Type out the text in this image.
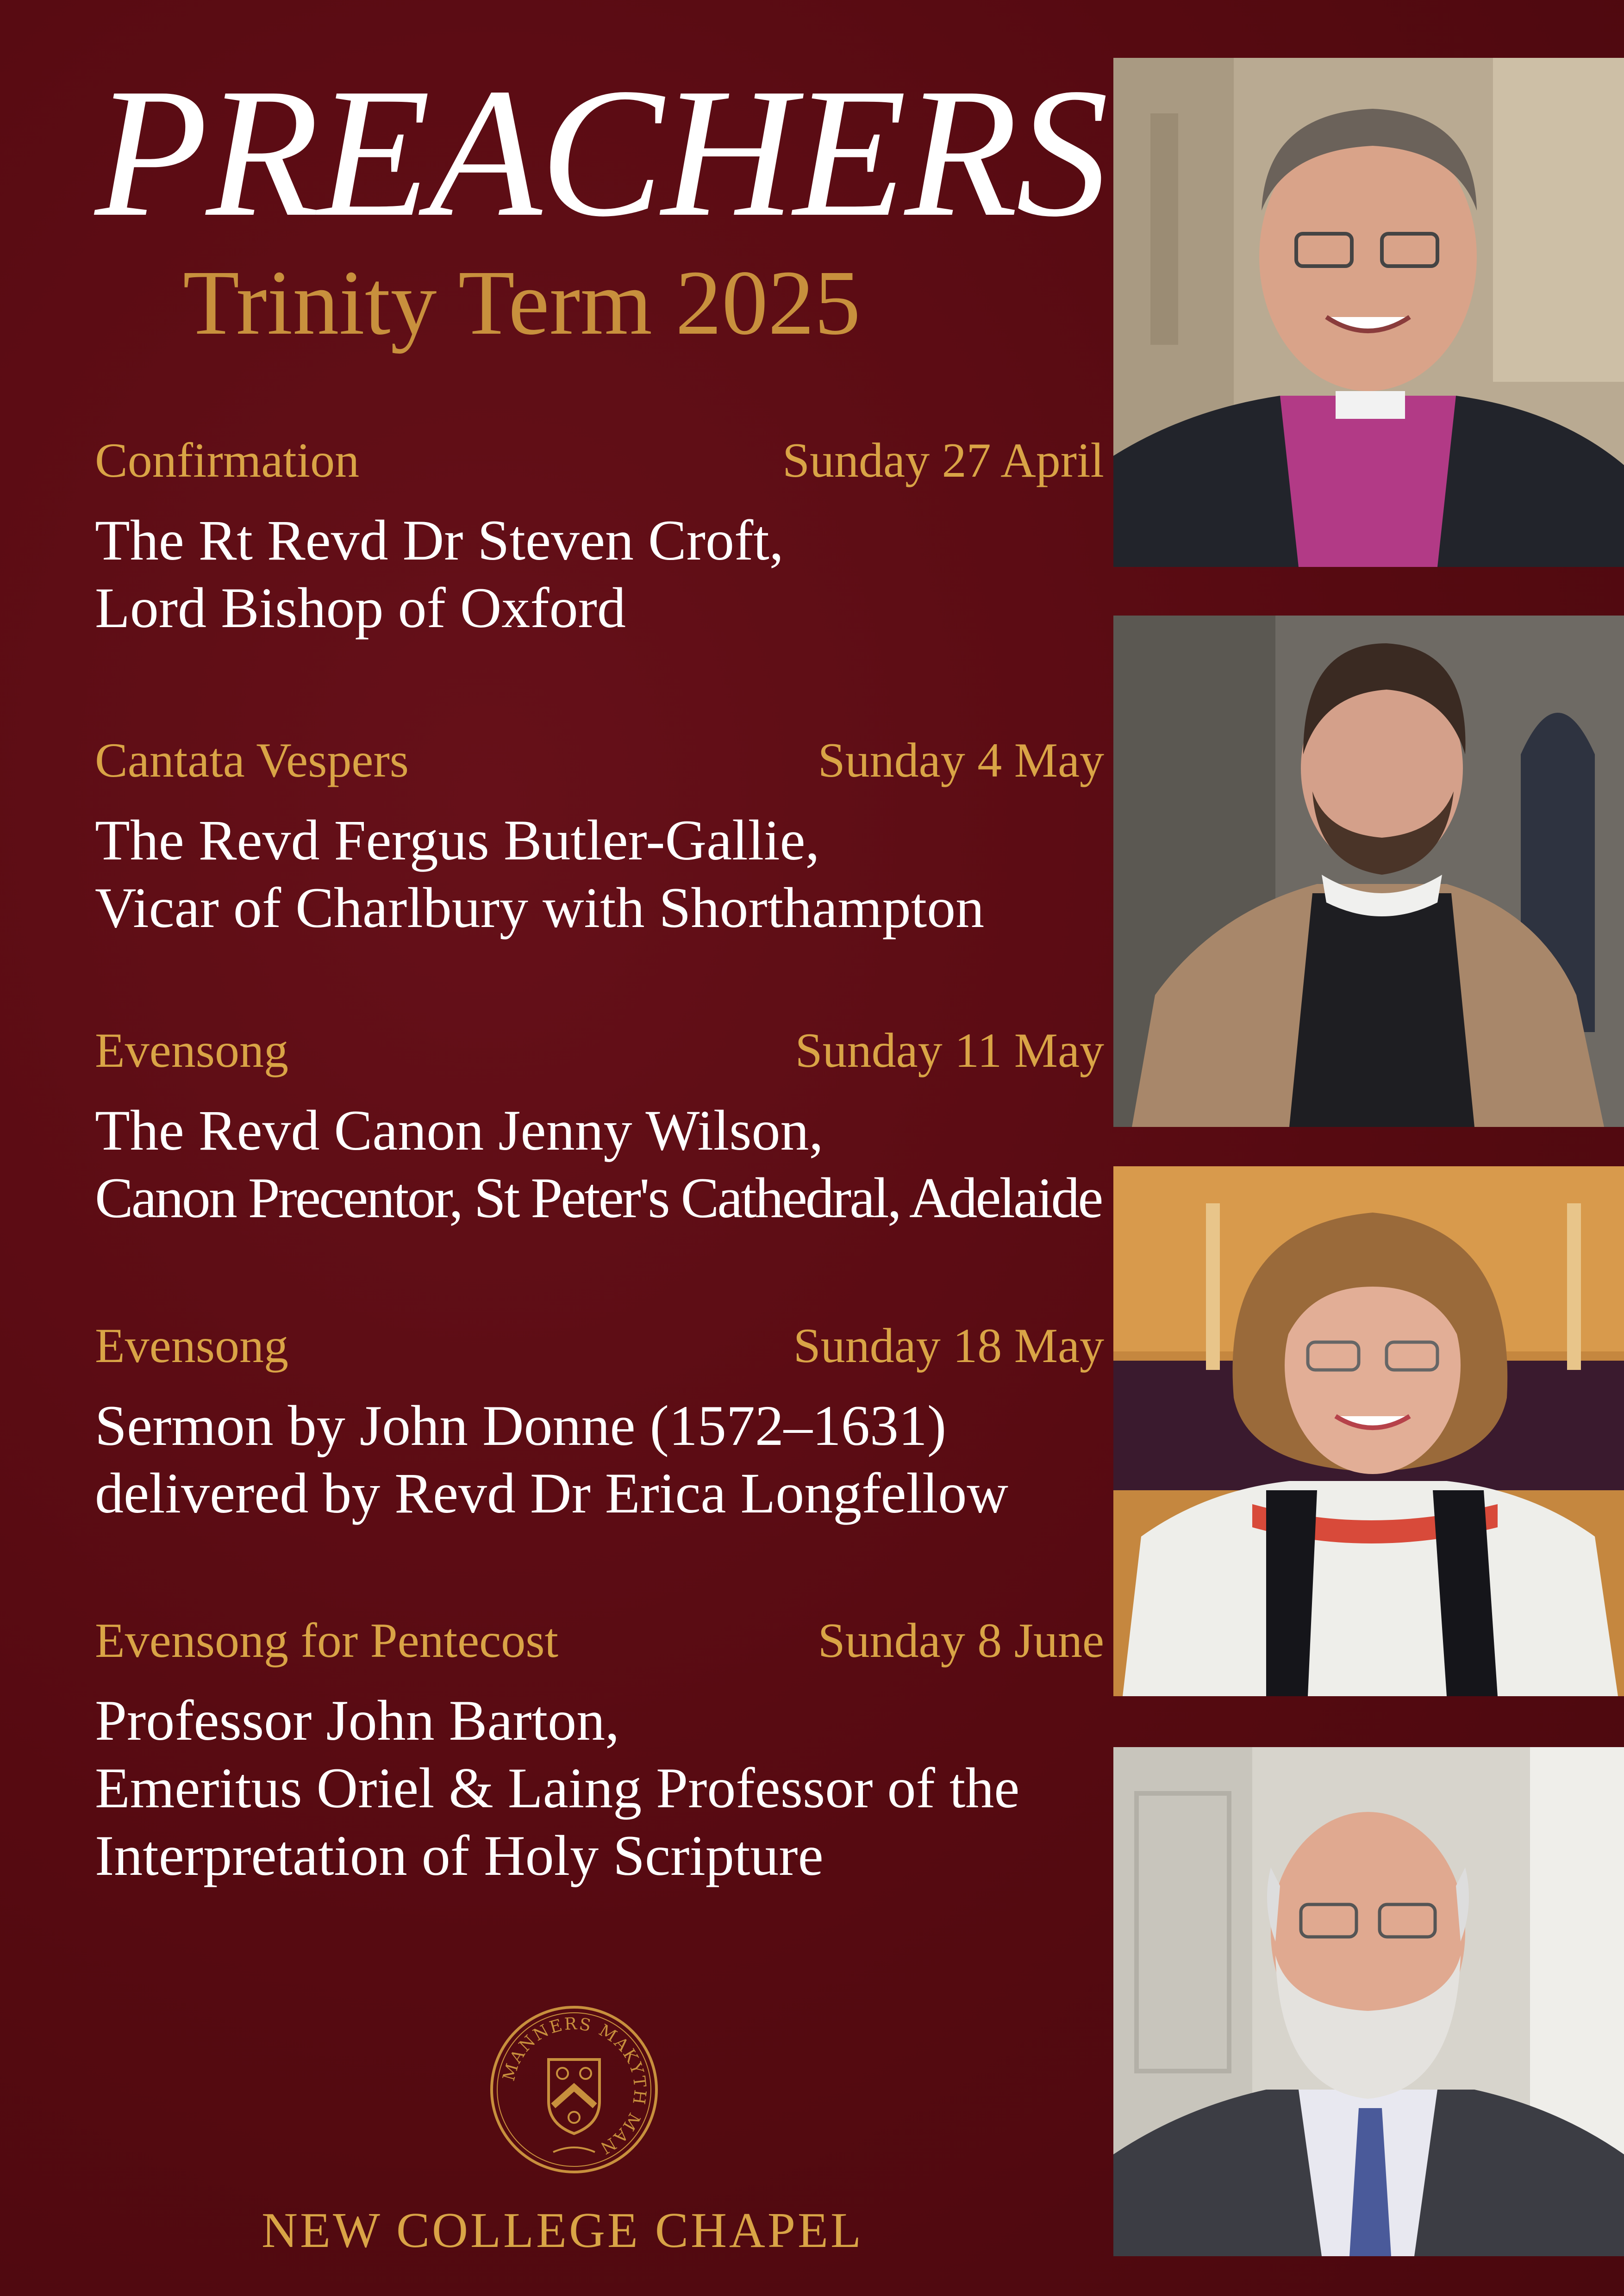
PREACHERS
Trinity Term 2025
Confirmation	Sunday 27 April
The Rt Revd Dr Steven Croft,
Lord Bishop of Oxford
Cantata Vespers	Sunday 4 May
The Revd Fergus Butler-Gallie,
Vicar of Charlbury with Shorthampton
Evensong	Sunday 11 May
The Revd Canon Jenny Wilson,
Canon Precentor, St Peter's Cathedral, Adelaide
Evensong	Sunday 18 May
Sermon by John Donne (1572–1631)
delivered by Revd Dr Erica Longfellow
Evensong for Pentecost	Sunday 8 June
Professor John Barton,
Emeritus Oriel & Laing Professor of the
Interpretation of Holy Scripture
MANNERS MAKYTH MAN
NEW COLLEGE CHAPEL
